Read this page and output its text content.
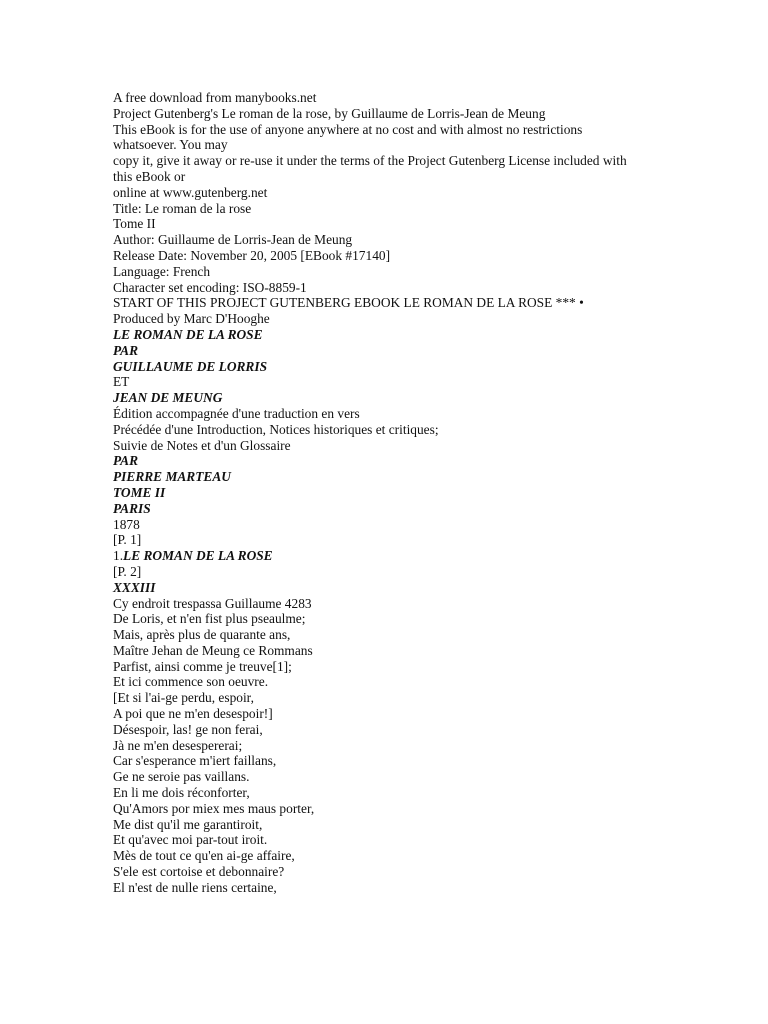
A free download from manybooks.net
Project Gutenberg's Le roman de la rose, by Guillaume de Lorris-Jean de Meung
This eBook is for the use of anyone anywhere at no cost and with almost no restrictions
whatsoever. You may
copy it, give it away or re-use it under the terms of the Project Gutenberg License included with
this eBook or
online at www.gutenberg.net
Title: Le roman de la rose
Tome II
Author: Guillaume de Lorris-Jean de Meung
Release Date: November 20, 2005 [EBook #17140]
Language: French
Character set encoding: ISO-8859-1
START OF THIS PROJECT GUTENBERG EBOOK LE ROMAN DE LA ROSE *** •
Produced by Marc D'Hooghe
LE ROMAN DE LA ROSE
PAR
GUILLAUME DE LORRIS
ET
JEAN DE MEUNG
Édition accompagnée d'une traduction en vers
Précédée d'une Introduction, Notices historiques et critiques;
Suivie de Notes et d'un Glossaire
PAR
PIERRE MARTEAU
TOME II
PARIS
1878
[P. 1]
1.LE ROMAN DE LA ROSE
[P. 2]
XXXIII
Cy endroit trespassa Guillaume 4283
De Loris, et n'en fist plus pseaulme;
Mais, après plus de quarante ans,
Maître Jehan de Meung ce Rommans
Parfist, ainsi comme je treuve[1];
Et ici commence son oeuvre.
[Et si l'ai-ge perdu, espoir,
A poi que ne m'en desespoir!]
Désespoir, las! ge non ferai,
Jà ne m'en desespererai;
Car s'esperance m'iert faillans,
Ge ne seroie pas vaillans.
En li me dois réconforter,
Qu'Amors por miex mes maus porter,
Me dist qu'il me garantiroit,
Et qu'avec moi par-tout iroit.
Mès de tout ce qu'en ai-ge affaire,
S'ele est cortoise et debonnaire?
El n'est de nulle riens certaine,
